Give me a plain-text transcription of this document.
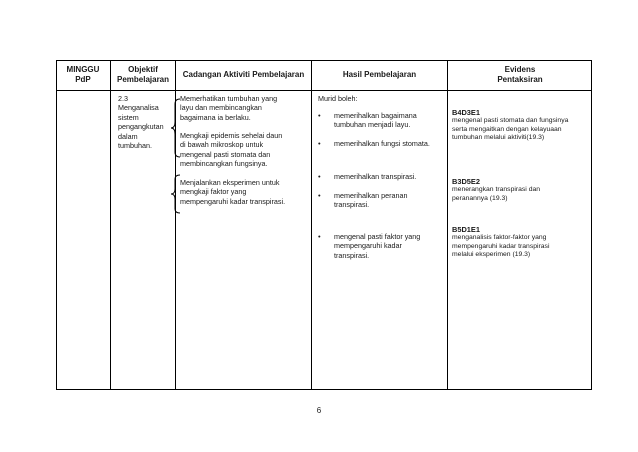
MINGGU
PdP
Objektif
Pembelajaran
Cadangan Aktiviti Pembelajaran	Hasil Pembelajaran
Evidens
Pentaksiran

2.3

Menganalisa

sistem

pengangkutan

dalam

tumbuhan.

Memerhatikan tumbuhan yang

layu dan membincangkan

bagaimana ia berlaku.

Mengkaji epidemis sehelai daun

di bawah mikroskop untuk

mengenal pasti stomata dan

membincangkan fungsinya.

Menjalankan eksperimen untuk

mengkaji faktor yang

mempengaruhi kadar transpirasi.

Murid boleh:

• memerihalkan bagaimana

tumbuhan menjadi layu.

• memerihalkan fungsi stomata.

• memerihalkan transpirasi.

• memerihalkan peranan

transpirasi.

• mengenal pasti faktor yang

mempengaruhi kadar

transpirasi.

B4D3E1

mengenal pasti stomata dan fungsinya

serta mengaitkan dengan kelayuaan

tumbuhan melalui aktiviti(19.3)

B3D5E2

menerangkan transpirasi dan

peranannya (19.3)

B5D1E1

menganalisis faktor-faktor yang

mempengaruhi kadar transpirasi

melalui eksperimen (19.3)

6
